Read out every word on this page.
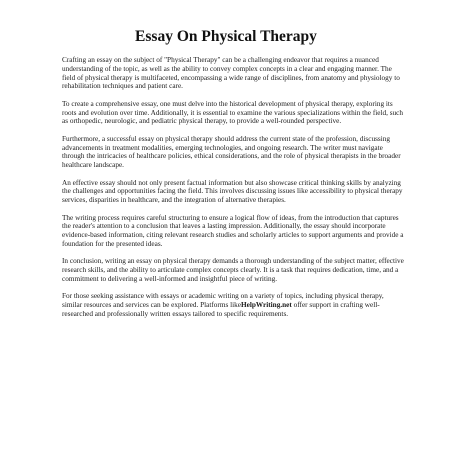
Essay On Physical Therapy

Crafting an essay on the subject of "Physical Therapy" can be a challenging endeavor that requires a nuanced understanding of the topic, as well as the ability to convey complex concepts in a clear and engaging manner. The field of physical therapy is multifaceted, encompassing a wide range of disciplines, from anatomy and physiology to rehabilitation techniques and patient care.

To create a comprehensive essay, one must delve into the historical development of physical therapy, exploring its roots and evolution over time. Additionally, it is essential to examine the various specializations within the field, such as orthopedic, neurologic, and pediatric physical therapy, to provide a well-rounded perspective.

Furthermore, a successful essay on physical therapy should address the current state of the profession, discussing advancements in treatment modalities, emerging technologies, and ongoing research. The writer must navigate through the intricacies of healthcare policies, ethical considerations, and the role of physical therapists in the broader healthcare landscape.

An effective essay should not only present factual information but also showcase critical thinking skills by analyzing the challenges and opportunities facing the field. This involves discussing issues like accessibility to physical therapy services, disparities in healthcare, and the integration of alternative therapies.

The writing process requires careful structuring to ensure a logical flow of ideas, from the introduction that captures the reader's attention to a conclusion that leaves a lasting impression. Additionally, the essay should incorporate evidence-based information, citing relevant research studies and scholarly articles to support arguments and provide a foundation for the presented ideas.

In conclusion, writing an essay on physical therapy demands a thorough understanding of the subject matter, effective research skills, and the ability to articulate complex concepts clearly. It is a task that requires dedication, time, and a commitment to delivering a well-informed and insightful piece of writing.

For those seeking assistance with essays or academic writing on a variety of topics, including physical therapy, similar resources and services can be explored. Platforms likeHelpWriting.net offer support in crafting well-researched and professionally written essays tailored to specific requirements.
